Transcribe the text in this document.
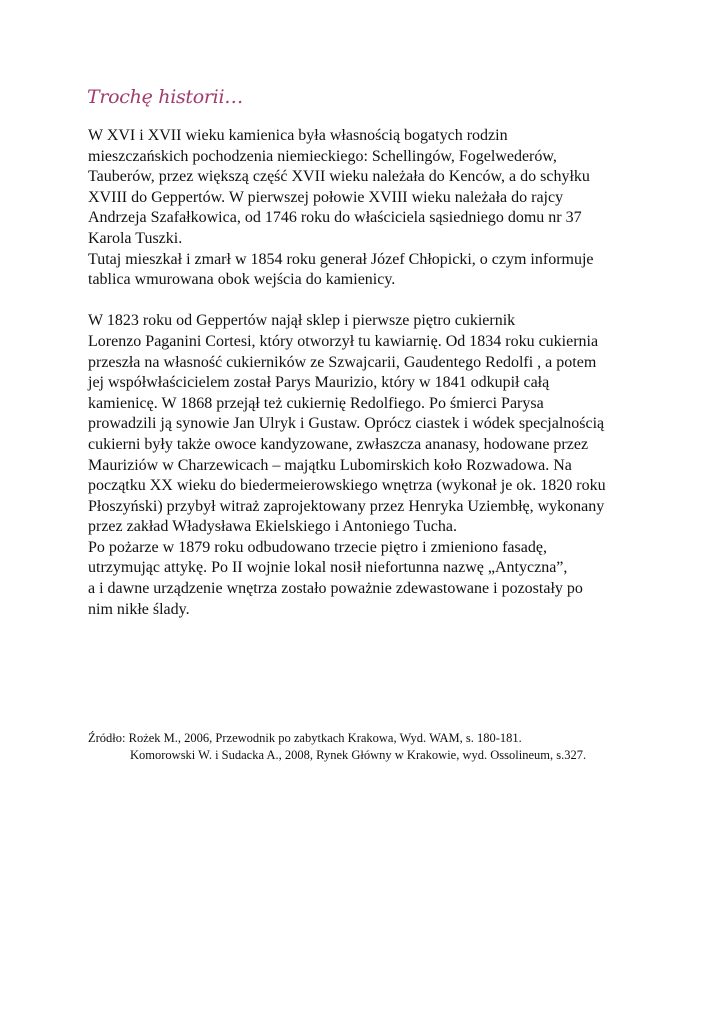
Trochę historii…
W XVI i XVII wieku kamienica była własnością bogatych rodzin
mieszczańskich pochodzenia niemieckiego: Schellingów, Fogelwederów,
Tauberów, przez większą część XVII wieku należała do Kenców, a do schyłku
XVIII do Geppertów. W pierwszej połowie XVIII wieku należała do rajcy
Andrzeja Szafałkowica, od 1746 roku do właściciela sąsiedniego domu nr 37
Karola Tuszki.
Tutaj mieszkał i zmarł w 1854 roku generał Józef Chłopicki, o czym informuje
tablica wmurowana obok wejścia do kamienicy.
W 1823 roku od Geppertów najął sklep i pierwsze piętro cukiernik
Lorenzo Paganini Cortesi, który otworzył tu kawiarnię. Od 1834 roku cukiernia
przeszła na własność cukierników ze Szwajcarii, Gaudentego Redolfi , a potem
jej współwłaścicielem został Parys Maurizio, który w 1841 odkupił całą
kamienicę. W 1868 przejął też cukiernię Redolfiego. Po śmierci Parysa
prowadzili ją synowie Jan Ulryk i Gustaw. Oprócz ciastek i wódek specjalnością
cukierni były także owoce kandyzowane, zwłaszcza ananasy, hodowane przez
Mauriziów w Charzewicach – majątku Lubomirskich koło Rozwadowa. Na
początku XX wieku do biedermeierowskiego wnętrza (wykonał je ok. 1820 roku
Płoszyński) przybył witraż zaprojektowany przez Henryka Uziembłę, wykonany
przez zakład Władysława Ekielskiego i Antoniego Tucha.
Po pożarze w 1879 roku odbudowano trzecie piętro i zmieniono fasadę,
utrzymując attykę. Po II wojnie lokal nosił niefortunna nazwę „Antyczna”,
a i dawne urządzenie wnętrza zostało poważnie zdewastowane i pozostały po
nim nikłe ślady.
Źródło: Rożek M., 2006, Przewodnik po zabytkach Krakowa, Wyd. WAM, s. 180-181.
Komorowski W. i Sudacka A., 2008, Rynek Główny w Krakowie, wyd. Ossolineum, s.327.
